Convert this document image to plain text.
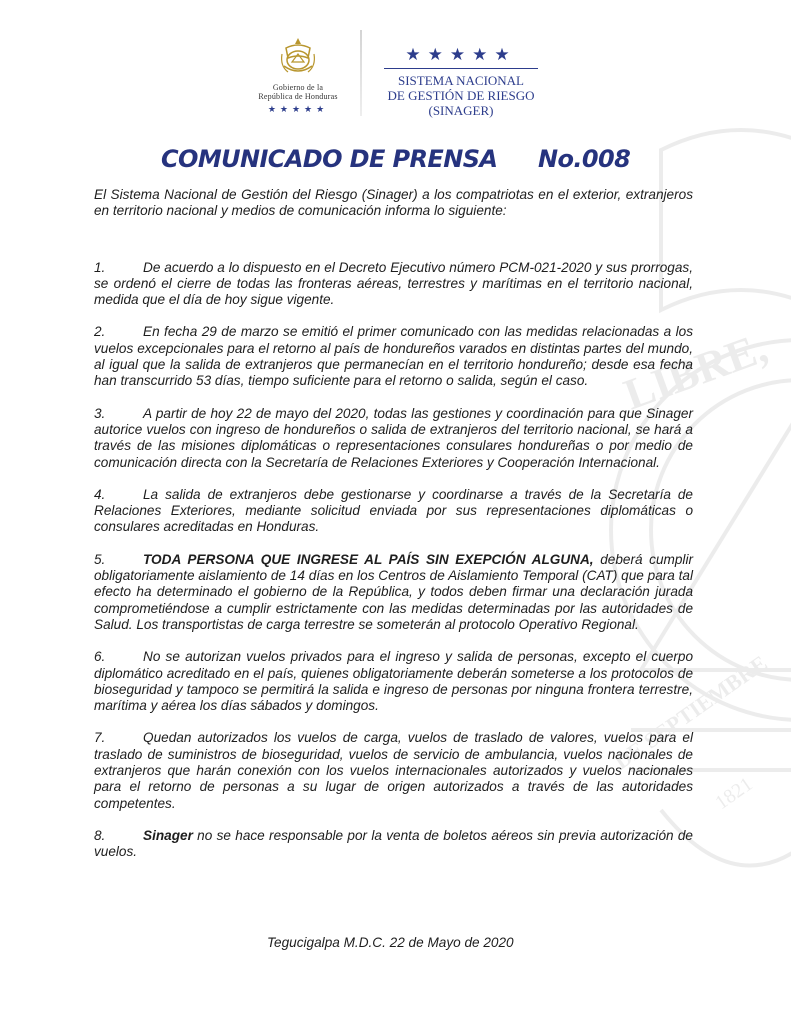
LIBRE,
DE SEPTIEMBRE
1821
Gobierno de la
República de Honduras
★★★★★
★★★★★
SISTEMA NACIONAL
DE GESTIÓN DE RIESGO
(SINAGER)
COMUNICADO DE PRENSA No.008

El Sistema Nacional de Gestión del Riesgo (Sinager) a los compatriotas en el exterior, extranjeros en territorio nacional y medios de comunicación informa lo siguiente:

1.	De acuerdo a lo dispuesto en el Decreto Ejecutivo número PCM-021-2020 y sus prorrogas, se ordenó el cierre de todas las fronteras aéreas, terrestres y marítimas en el territorio nacional, medida que el día de hoy sigue vigente.

2.	En fecha 29 de marzo se emitió el primer comunicado con las medidas relacionadas a los vuelos excepcionales para el retorno al país de hondureños varados en distintas partes del mundo, al igual que la salida de extranjeros que permanecían en el territorio hondureño; desde esa fecha han transcurrido 53 días, tiempo suficiente para el retorno o salida, según el caso.

3.	A partir de hoy 22 de mayo del 2020, todas las gestiones y coordinación para que Sinager autorice vuelos con ingreso de hondureños o salida de extranjeros del territorio nacional, se hará a través de las misiones diplomáticas o representaciones consulares hondureñas o por medio de comunicación directa con la Secretaría de Relaciones Exteriores y Cooperación Internacional.

4.	La salida de extranjeros debe gestionarse y coordinarse a través de la Secretaría de Relaciones Exteriores, mediante solicitud enviada por sus representaciones diplomáticas o consulares acreditadas en Honduras.

5.	TODA PERSONA QUE INGRESE AL PAÍS SIN EXEPCIÓN ALGUNA, deberá cumplir obligatoriamente aislamiento de 14 días en los Centros de Aislamiento Temporal (CAT) que para tal efecto ha determinado el gobierno de la República, y todos deben firmar una declaración jurada comprometiéndose a cumplir estrictamente con las medidas determinadas por las autoridades de Salud. Los transportistas de carga terrestre se someterán al protocolo Operativo Regional.

6.	No se autorizan vuelos privados para el ingreso y salida de personas, excepto el cuerpo diplomático acreditado en el país, quienes obligatoriamente deberán someterse a los protocolos de bioseguridad y tampoco se permitirá la salida e ingreso de personas por ninguna frontera terrestre, marítima y aérea los días sábados y domingos.

7.	Quedan autorizados los vuelos de carga, vuelos de traslado de valores, vuelos para el traslado de suministros de bioseguridad, vuelos de servicio de ambulancia, vuelos nacionales de extranjeros que harán conexión con los vuelos internacionales autorizados y vuelos nacionales para el retorno de personas a su lugar de origen autorizados a través de las autoridades competentes.

8.	Sinager no se hace responsable por la venta de boletos aéreos sin previa autorización de vuelos.

Tegucigalpa M.D.C. 22 de Mayo de 2020
